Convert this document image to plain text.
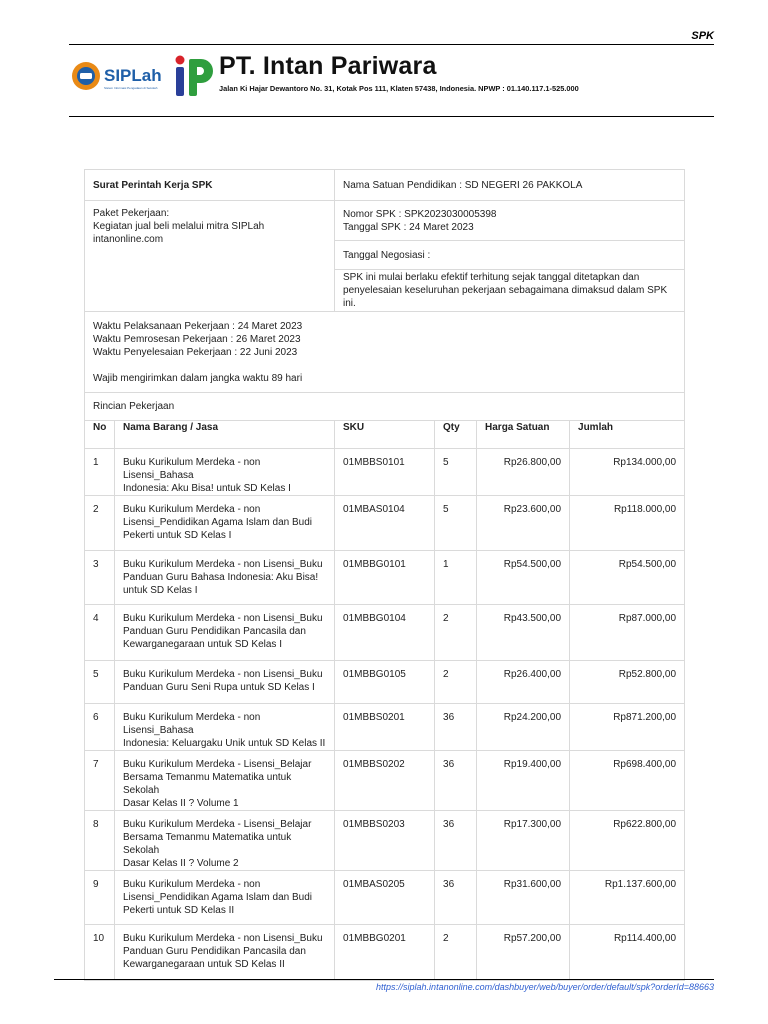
SPK
SIPLah
Sistem Informasi Pengadaan di Sekolah
PT. Intan Pariwara
Jalan Ki Hajar Dewantoro No. 31, Kotak Pos 111, Klaten 57438, Indonesia. NPWP : 01.140.117.1-525.000
Surat Perintah Kerja SPK		Nama Satuan Pendidikan : SD NEGERI 26 PAKKOLA			

Paket Pekerjaan:
Kegiatan jual beli melalui mitra SIPLah
intanonline.com		Nomor SPK : SPK2023030005398
Tanggal SPK : 24 Maret 2023			

		Tanggal Negosiasi :			

		SPK ini mulai berlaku efektif terhitung sejak tanggal ditetapkan dan
penyelesaian keseluruhan pekerjaan sebagaimana dimaksud dalam SPK ini.			

Waktu Pelaksanaan Pekerjaan : 24 Maret 2023
Waktu Pemrosesan Pekerjaan : 26 Maret 2023
Waktu Penyelesaian Pekerjaan : 22 Juni 2023
Wajib mengirimkan dalam jangka waktu 89 hari					

Rincian Pekerjaan					
No	Nama Barang / Jasa	SKU	Qty	Harga Satuan	Jumlah
1	Buku Kurikulum Merdeka - non Lisensi_Bahasa
Indonesia: Aku Bisa! untuk SD Kelas I	01MBBS0101	5	Rp26.800,00	Rp134.000,00
2	Buku Kurikulum Merdeka - non
Lisensi_Pendidikan Agama Islam dan Budi
Pekerti untuk SD Kelas I	01MBAS0104	5	Rp23.600,00	Rp118.000,00
3	Buku Kurikulum Merdeka - non Lisensi_Buku
Panduan Guru Bahasa Indonesia: Aku Bisa!
untuk SD Kelas I	01MBBG0101	1	Rp54.500,00	Rp54.500,00
4	Buku Kurikulum Merdeka - non Lisensi_Buku
Panduan Guru Pendidikan Pancasila dan
Kewarganegaraan untuk SD Kelas I	01MBBG0104	2	Rp43.500,00	Rp87.000,00
5	Buku Kurikulum Merdeka - non Lisensi_Buku
Panduan Guru Seni Rupa untuk SD Kelas I	01MBBG0105	2	Rp26.400,00	Rp52.800,00
6	Buku Kurikulum Merdeka - non Lisensi_Bahasa
Indonesia: Keluargaku Unik untuk SD Kelas II	01MBBS0201	36	Rp24.200,00	Rp871.200,00
7	Buku Kurikulum Merdeka - Lisensi_Belajar
Bersama Temanmu Matematika untuk Sekolah
Dasar Kelas II ? Volume 1	01MBBS0202	36	Rp19.400,00	Rp698.400,00
8	Buku Kurikulum Merdeka - Lisensi_Belajar
Bersama Temanmu Matematika untuk Sekolah
Dasar Kelas II ? Volume 2	01MBBS0203	36	Rp17.300,00	Rp622.800,00
9	Buku Kurikulum Merdeka - non
Lisensi_Pendidikan Agama Islam dan Budi
Pekerti untuk SD Kelas II	01MBAS0205	36	Rp31.600,00	Rp1.137.600,00
10	Buku Kurikulum Merdeka - non Lisensi_Buku
Panduan Guru Pendidikan Pancasila dan
Kewarganegaraan untuk SD Kelas II	01MBBG0201	2	Rp57.200,00	Rp114.400,00
https://siplah.intanonline.com/dashbuyer/web/buyer/order/default/spk?orderId=88663
